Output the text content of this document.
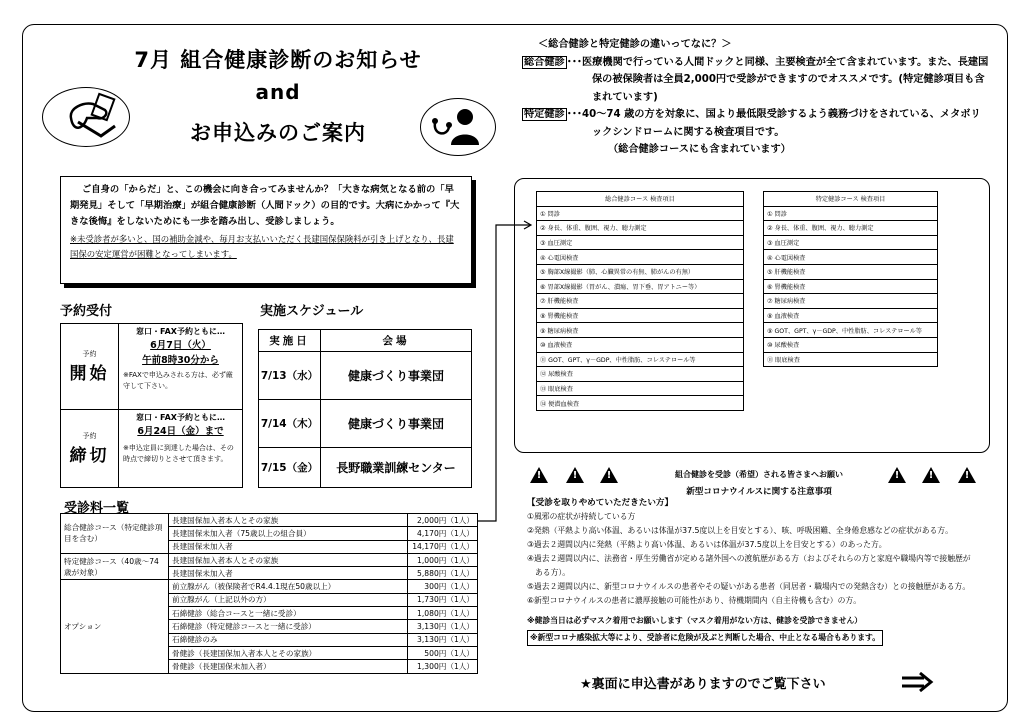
7月 組合健康診断のお知らせ
and
お申込みのご案内
ご自身の「からだ」と、この機会に向き合ってみませんか？「大きな病気となる前の「早期発見」そして「早期治療」が組合健康診断（人間ドック）の目的です。大病にかかって『大きな後悔』をしないためにも一歩を踏み出し、受診しましょう。
※未受診者が多いと、国の補助金減や、毎月お支払いいただく長建国保保険料が引き上げとなり、長建国保の安定運営が困難となってしまいます。
予約受付
予約
開始	窓口・FAX予約ともに…
6月7日（火）
午前8時30分から
※FAXで申込みされる方は、必ず厳守して下さい。

予約
締切	窓口・FAX予約ともに…
6月24日（金）まで
※申込定員に到達した場合は、その時点で締切りとさせて頂きます。
実施スケジュール
実施日	会場
7/13（水）	健康づくり事業団
7/14（木）	健康づくり事業団
7/15（金）	長野職業訓練センター
受診料一覧
総合健診コース（特定健診項目を含む）	長建国保加入者本人とその家族	2,000円（1人）
	長建国保未加入者（75歳以上の組合員）	4,170円（1人）
	長建国保未加入者	14,170円（1人）
特定健診コース（40歳～74歳が対象）	長建国保加入者本人とその家族	1,000円（1人）
	長建国保未加入者	5,880円（1人）
オプション	前立腺がん（被保険者でR4.4.1現在50歳以上）	300円（1人）
	前立腺がん（上記以外の方）	1,730円（1人）
	石綿健診（総合コースと一緒に受診）	1,080円（1人）
	石綿健診（特定健診コースと一緒に受診）	3,130円（1人）
	石綿健診のみ	3,130円（1人）
	骨健診（長建国保加入者本人とその家族）	500円（1人）
	骨健診（長建国保未加入者）	1,300円（1人）
＜総合健診と特定健診の違いってなに？＞
総合健診 ･･･医療機関で行っている人間ドックと同様、主要検査が全て含まれています。また、長建国保の被保険者は全員2,000円で受診ができますのでオススメです。(特定健診項目も含まれています)
特定健診 ･･･40～74 歳の方を対象に、国より最低限受診するよう義務づけをされている、メタボリックシンドロームに関する検査項目です。
（総合健診コースにも含まれています）
総合健診コース 検査項目
① 問診
② 身長、体重、腹囲、視力、聴力測定
③ 血圧測定
④ 心電図検査
⑤ 胸部X線撮影（肺、心臓異常の有無、肺がんの有無）
⑥ 胃部X線撮影（胃がん、潰瘍、胃下垂、胃アトニー等）
⑦ 肝機能検査
⑧ 腎機能検査
⑨ 糖尿病検査
⑩ 血液検査
⑪ GOT、GPT、γ－GDP、中性脂肪、コレステロール等
⑫ 尿酸検査
⑬ 眼底検査
⑭ 便潜血検査
特定健診コース 検査項目
① 問診
② 身長、体重、腹囲、視力、聴力測定
③ 血圧測定
④ 心電図検査
⑤ 肝機能検査
⑥ 腎機能検査
⑦ 糖尿病検査
⑧ 血液検査
⑨ GOT、GPT、γ－GDP、中性脂肪、コレステロール等
⑩ 尿酸検査
⑪ 眼底検査
!	!	!	!	!	!
組合健診を受診（希望）される皆さまへお願い
新型コロナウイルスに関する注意事項
【受診を取りやめていただきたい方】
①風邪の症状が持続している方
②発熱（平熱より高い体温、あるいは体温が37.5度以上を目安とする）、咳、呼吸困難、全身倦怠感などの症状がある方。
③過去２週間以内に発熱（平熱より高い体温、あるいは体温が37.5度以上を目安とする）のあった方。
④過去２週間以内に、法務省・厚生労働省が定める諸外国への渡航歴がある方（およびそれらの方と家庭や職場内等で接触歴がある方）。
⑤過去２週間以内に、新型コロナウイルスの患者やその疑いがある患者（同居者・職場内での発熱含む）との接触歴がある方。
⑥新型コロナウイルスの患者に濃厚接触の可能性があり、待機期間内（自主待機も含む）の方。
※健診当日は必ずマスク着用でお願いします（マスク着用がない方は、健診を受診できません）
※新型コロナ感染拡大等により、受診者に危険が及ぶと判断した場合、中止となる場合もあります。
★裏面に申込書がありますのでご覧下さい
